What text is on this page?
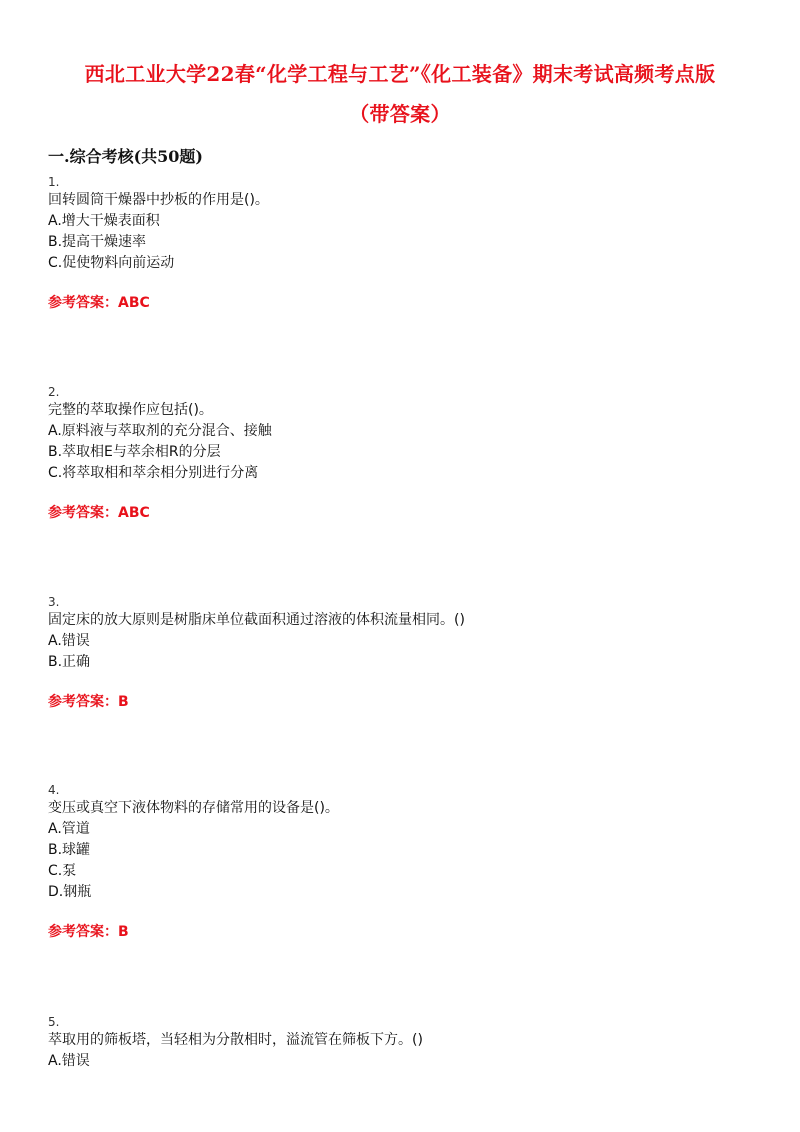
西北工业大学22春“化学工程与工艺”《化工装备》期末考试高频考点版
（带答案）
一.综合考核(共50题)
1.
回转圆筒干燥器中抄板的作用是()。
A.增大干燥表面积
B.提高干燥速率
C.促使物料向前运动
参考答案：ABC
2.
完整的萃取操作应包括()。
A.原料液与萃取剂的充分混合、接触
B.萃取相E与萃余相R的分层
C.将萃取相和萃余相分别进行分离
参考答案：ABC
3.
固定床的放大原则是树脂床单位截面积通过溶液的体积流量相同。()
A.错误
B.正确
参考答案：B
4.
变压或真空下液体物料的存储常用的设备是()。
A.管道
B.球罐
C.泵
D.钢瓶
参考答案：B
5.
萃取用的筛板塔，当轻相为分散相时，溢流管在筛板下方。()
A.错误
